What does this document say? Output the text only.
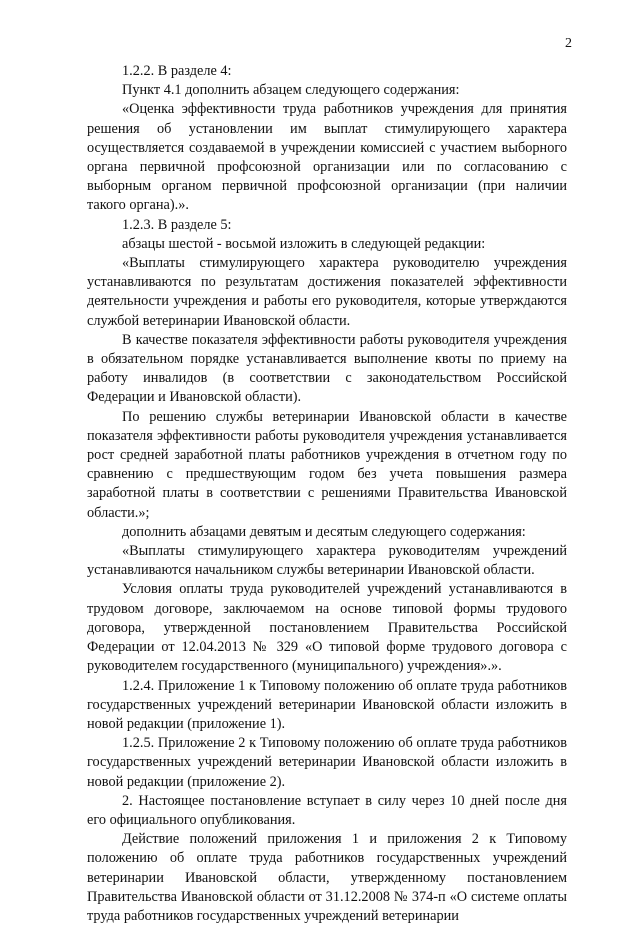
2

1.2.2. В разделе 4:

Пункт 4.1 дополнить абзацем следующего содержания:

«Оценка эффективности труда работников учреждения для принятия решения об установлении им выплат стимулирующего характера осуществляется создаваемой в учреждении комиссией с участием выборного органа первичной профсоюзной организации или по согласованию с выборным органом первичной профсоюзной организации (при наличии такого органа).».

1.2.3. В разделе 5:

абзацы шестой - восьмой изложить в следующей редакции:

«Выплаты стимулирующего характера руководителю учреждения устанавливаются по результатам достижения показателей эффективности деятельности учреждения и работы его руководителя, которые утверждаются службой ветеринарии Ивановской области.

В качестве показателя эффективности работы руководителя учреждения в обязательном порядке устанавливается выполнение квоты по приему на работу инвалидов (в соответствии с законодательством Российской Федерации и Ивановской области).

По решению службы ветеринарии Ивановской области в качестве показателя эффективности работы руководителя учреждения устанавливается рост средней заработной платы работников учреждения в отчетном году по сравнению с предшествующим годом без учета повышения размера заработной платы в соответствии с решениями Правительства Ивановской области.»;

дополнить абзацами девятым и десятым следующего содержания:

«Выплаты стимулирующего характера руководителям учреждений устанавливаются начальником службы ветеринарии Ивановской области.

Условия оплаты труда руководителей учреждений устанавливаются в трудовом договоре, заключаемом на основе типовой формы трудового договора, утвержденной постановлением Правительства Российской Федерации от 12.04.2013 № 329 «О типовой форме трудового договора с руководителем государственного (муниципального) учреждения».».

1.2.4. Приложение 1 к Типовому положению об оплате труда работников государственных учреждений ветеринарии Ивановской области изложить в новой редакции (приложение 1).

1.2.5. Приложение 2 к Типовому положению об оплате труда работников государственных учреждений ветеринарии Ивановской области изложить в новой редакции (приложение 2).

2. Настоящее постановление вступает в силу через 10 дней после дня его официального опубликования.

Действие положений приложения 1 и приложения 2 к Типовому положению об оплате труда работников государственных учреждений ветеринарии Ивановской области, утвержденному постановлением Правительства Ивановской области от 31.12.2008 № 374-п «О системе оплаты труда работников государственных учреждений ветеринарии
